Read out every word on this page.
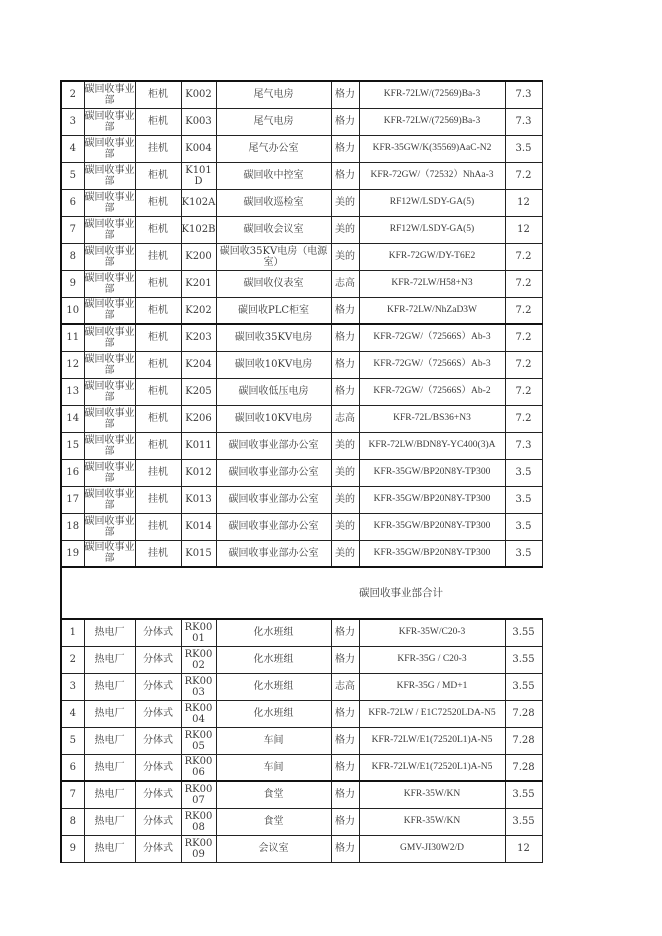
2	碳回收事业部	柜机	K002	尾气电房	格力	KFR-72LW/(72569)Ba-3	7.3
3	碳回收事业部	柜机	K003	尾气电房	格力	KFR-72LW/(72569)Ba-3	7.3
4	碳回收事业部	挂机	K004	尾气办公室	格力	KFR-35GW/K(35569)AaC-N2	3.5
5	碳回收事业部	柜机	K101D	碳回收中控室	格力	KFR-72GW/（72532）NhAa-3	7.2
6	碳回收事业部	柜机	K102A	碳回收巡检室	美的	RF12W/LSDY-GA(5)	12
7	碳回收事业部	柜机	K102B	碳回收会议室	美的	RF12W/LSDY-GA(5)	12
8	碳回收事业部	挂机	K200	碳回收35KV电房（电源室）	美的	KFR-72GW/DY-T6E2	7.2
9	碳回收事业部	柜机	K201	碳回收仪表室	志高	KFR-72LW/H58+N3	7.2
10	碳回收事业部	柜机	K202	碳回收PLC柜室	格力	KFR-72LW/NhZaD3W	7.2
11	碳回收事业部	柜机	K203	碳回收35KV电房	格力	KFR-72GW/（72566S）Ab-3	7.2
12	碳回收事业部	柜机	K204	碳回收10KV电房	格力	KFR-72GW/（72566S）Ab-3	7.2
13	碳回收事业部	柜机	K205	碳回收低压电房	格力	KFR-72GW/（72566S）Ab-2	7.2
14	碳回收事业部	柜机	K206	碳回收10KV电房	志高	KFR-72L/BS36+N3	7.2
15	碳回收事业部	柜机	K011	碳回收事业部办公室	美的	KFR-72LW/BDN8Y-YC400(3)A	7.3
16	碳回收事业部	挂机	K012	碳回收事业部办公室	美的	KFR-35GW/BP20N8Y-TP300	3.5
17	碳回收事业部	挂机	K013	碳回收事业部办公室	美的	KFR-35GW/BP20N8Y-TP300	3.5
18	碳回收事业部	挂机	K014	碳回收事业部办公室	美的	KFR-35GW/BP20N8Y-TP300	3.5
19	碳回收事业部	挂机	K015	碳回收事业部办公室	美的	KFR-35GW/BP20N8Y-TP300	3.5
						碳回收事业部合计	
1	热电厂	分体式	RK0001	化水班组	格力	KFR-35W/C20-3	3.55
2	热电厂	分体式	RK0002	化水班组	格力	KFR-35G / C20-3	3.55
3	热电厂	分体式	RK0003	化水班组	志高	KFR-35G / MD+1	3.55
4	热电厂	分体式	RK0004	化水班组	格力	KFR-72LW / E1C72520LDA-N5	7.28
5	热电厂	分体式	RK0005	车间	格力	KFR-72LW/E1(72520L1)A-N5	7.28
6	热电厂	分体式	RK0006	车间	格力	KFR-72LW/E1(72520L1)A-N5	7.28
7	热电厂	分体式	RK0007	食堂	格力	KFR-35W/KN	3.55
8	热电厂	分体式	RK0008	食堂	格力	KFR-35W/KN	3.55
9	热电厂	分体式	RK0009	会议室	格力	GMV-JI30W2/D	12
